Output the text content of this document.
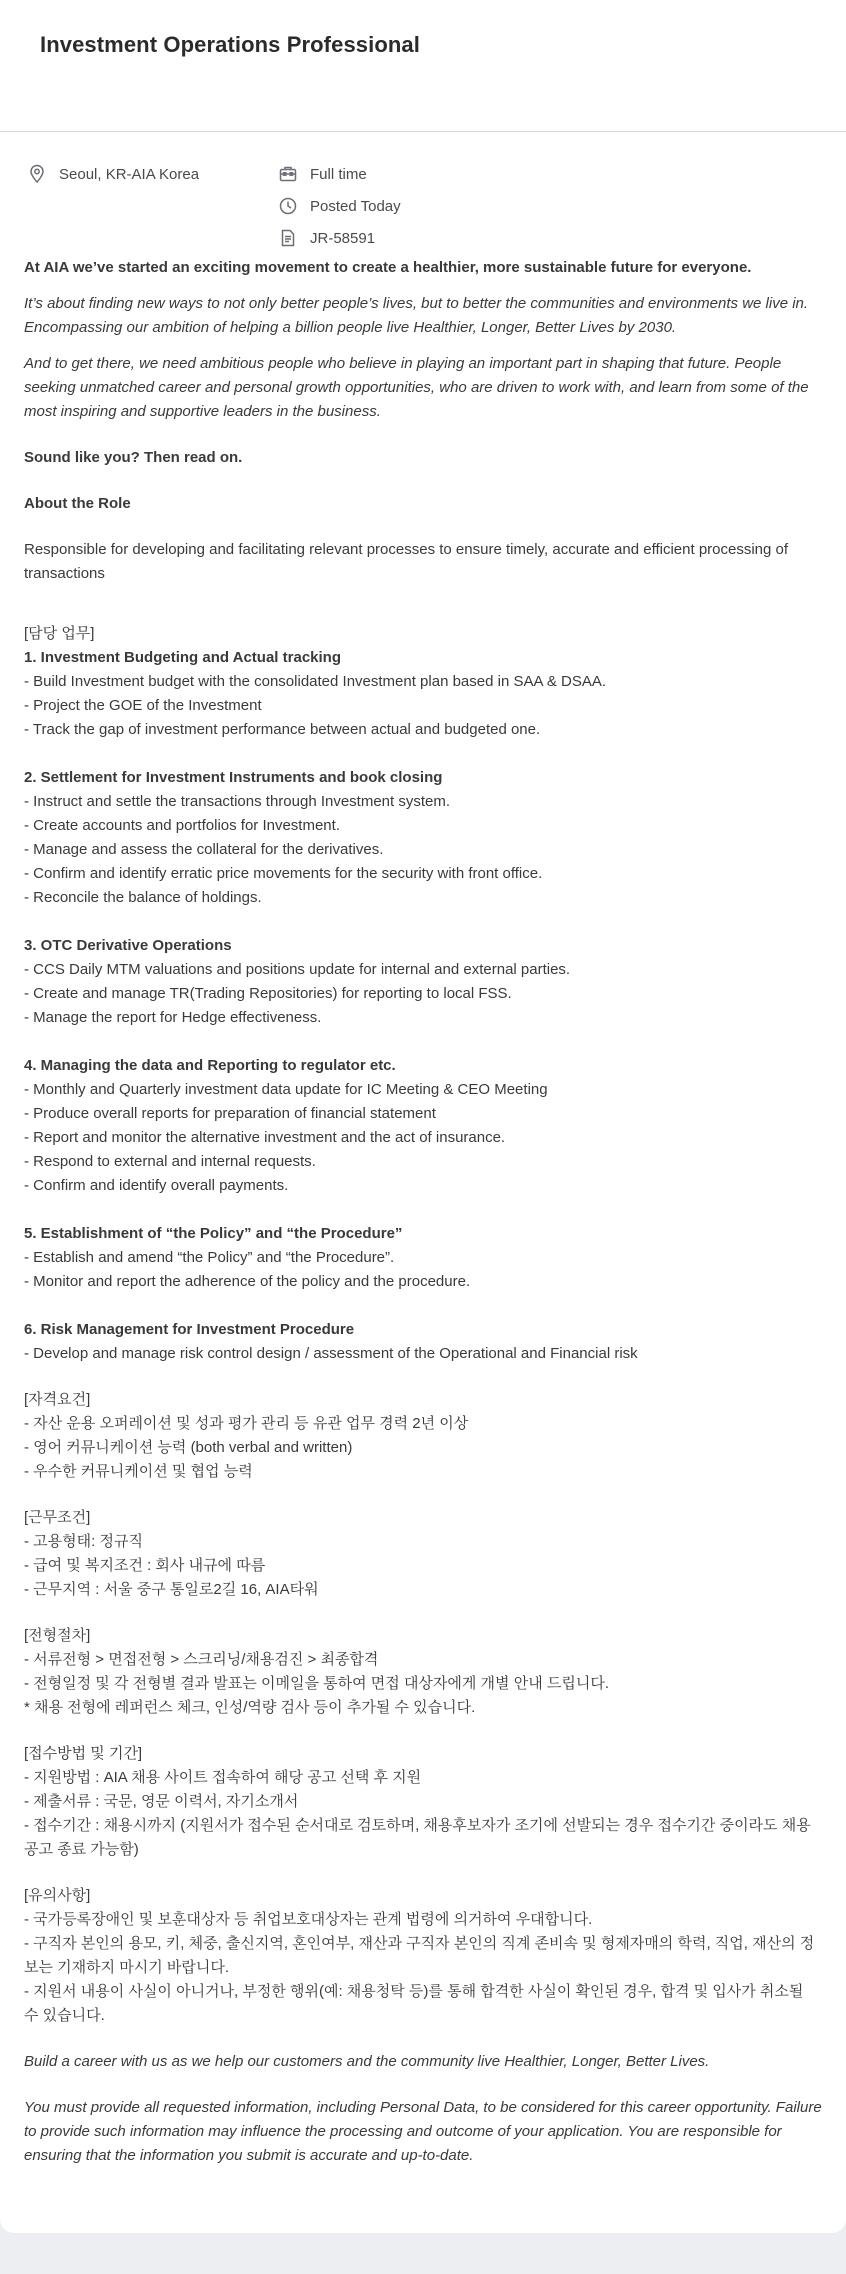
Investment Operations Professional
Seoul, KR-AIA Korea	Full time
Posted Today
JR-58591

At AIA we’ve started an exciting movement to create a healthier, more sustainable future for everyone.

It’s about finding new ways to not only better people’s lives, but to better the communities and environments we live in. Encompassing our ambition of helping a billion people live Healthier, Longer, Better Lives by 2030.

And to get there, we need ambitious people who believe in playing an important part in shaping that future. People seeking unmatched career and personal growth opportunities, who are driven to work with, and learn from some of the most inspiring and supportive leaders in the business.

Sound like you? Then read on.

About the Role

Responsible for developing and facilitating relevant processes to ensure timely, accurate and efficient processing of transactions

[담당 업무]
1. Investment Budgeting and Actual tracking
- Build Investment budget with the consolidated Investment plan based in SAA & DSAA.
- Project the GOE of the Investment
- Track the gap of investment performance between actual and budgeted one.
2. Settlement for Investment Instruments and book closing
- Instruct and settle the transactions through Investment system.
- Create accounts and portfolios for Investment.
- Manage and assess the collateral for the derivatives.
- Confirm and identify erratic price movements for the security with front office.
- Reconcile the balance of holdings.
3. OTC Derivative Operations
- CCS Daily MTM valuations and positions update for internal and external parties.
- Create and manage TR(Trading Repositories) for reporting to local FSS.
- Manage the report for Hedge effectiveness.
4. Managing the data and Reporting to regulator etc.
- Monthly and Quarterly investment data update for IC Meeting & CEO Meeting
- Produce overall reports for preparation of financial statement
- Report and monitor the alternative investment and the act of insurance.
- Respond to external and internal requests.
- Confirm and identify overall payments.
5. Establishment of “the Policy” and “the Procedure”
- Establish and amend “the Policy” and “the Procedure”.
- Monitor and report the adherence of the policy and the procedure.
6. Risk Management for Investment Procedure
- Develop and manage risk control design / assessment of the Operational and Financial risk
[자격요건]
- 자산 운용 오퍼레이션 및 성과 평가 관리 등 유관 업무 경력 2년 이상
- 영어 커뮤니케이션 능력 (both verbal and written)
- 우수한 커뮤니케이션 및 협업 능력
[근무조건]
- 고용형태: 정규직
- 급여 및 복지조건 : 회사 내규에 따름
- 근무지역 : 서울 중구 통일로2길 16, AIA타워
[전형절차]
- 서류전형 > 면접전형 > 스크리닝/채용검진 > 최종합격
- 전형일정 및 각 전형별 결과 발표는 이메일을 통하여 면접 대상자에게 개별 안내 드립니다.
* 채용 전형에 레퍼런스 체크, 인성/역량 검사 등이 추가될 수 있습니다.
[접수방법 및 기간]
- 지원방법 : AIA 채용 사이트 접속하여 해당 공고 선택 후 지원
- 제출서류 : 국문, 영문 이력서, 자기소개서
- 접수기간 : 채용시까지 (지원서가 접수된 순서대로 검토하며, 채용후보자가 조기에 선발되는 경우 접수기간 중이라도 채용 공고 종료 가능함)
[유의사항]
- 국가등록장애인 및 보훈대상자 등 취업보호대상자는 관계 법령에 의거하여 우대합니다.
- 구직자 본인의 용모, 키, 체중, 출신지역, 혼인여부, 재산과 구직자 본인의 직계 존비속 및 형제자매의 학력, 직업, 재산의 정보는 기재하지 마시기 바랍니다.
- 지원서 내용이 사실이 아니거나, 부정한 행위(예: 채용청탁 등)를 통해 합격한 사실이 확인된 경우, 합격 및 입사가 취소될 수 있습니다.

Build a career with us as we help our customers and the community live Healthier, Longer, Better Lives.

You must provide all requested information, including Personal Data, to be considered for this career opportunity. Failure to provide such information may influence the processing and outcome of your application. You are responsible for ensuring that the information you submit is accurate and up-to-date.
